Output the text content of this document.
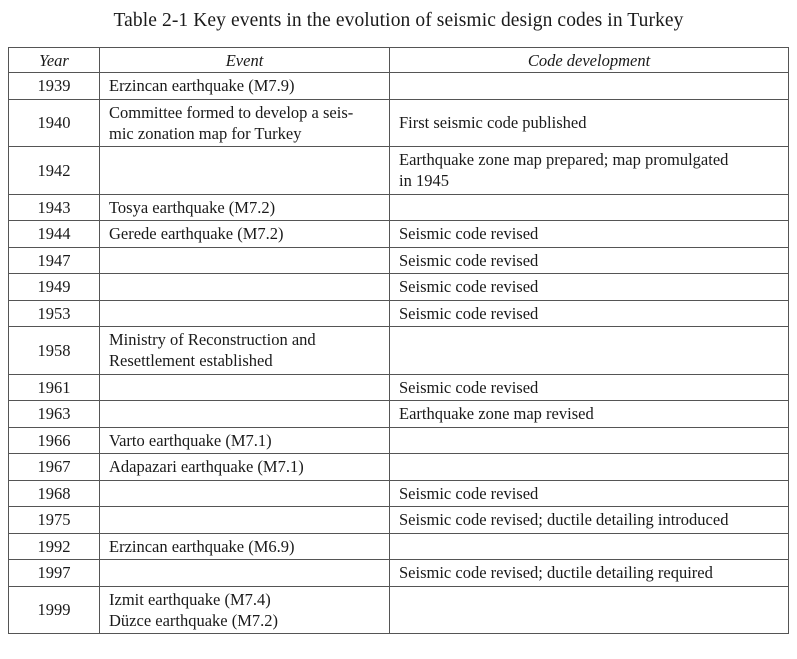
Table 2-1 Key events in the evolution of seismic design codes in Turkey
Year	Event	Code development
1939	Erzincan earthquake (M7.9)	

1940	Committee formed to develop a seis-
mic zonation map for Turkey	First seismic code published

1942		Earthquake zone map prepared; map promulgated
in 1945

1943	Tosya earthquake (M7.2)	

1944	Gerede earthquake (M7.2)	Seismic code revised

1947		Seismic code revised

1949		Seismic code revised

1953		Seismic code revised

1958	Ministry of Reconstruction and
Resettlement established	

1961		Seismic code revised

1963		Earthquake zone map revised

1966	Varto earthquake (M7.1)	

1967	Adapazari earthquake (M7.1)	

1968		Seismic code revised

1975		Seismic code revised; ductile detailing introduced

1992	Erzincan earthquake (M6.9)	

1997		Seismic code revised; ductile detailing required

1999	Izmit earthquake (M7.4)
Düzce earthquake (M7.2)	
